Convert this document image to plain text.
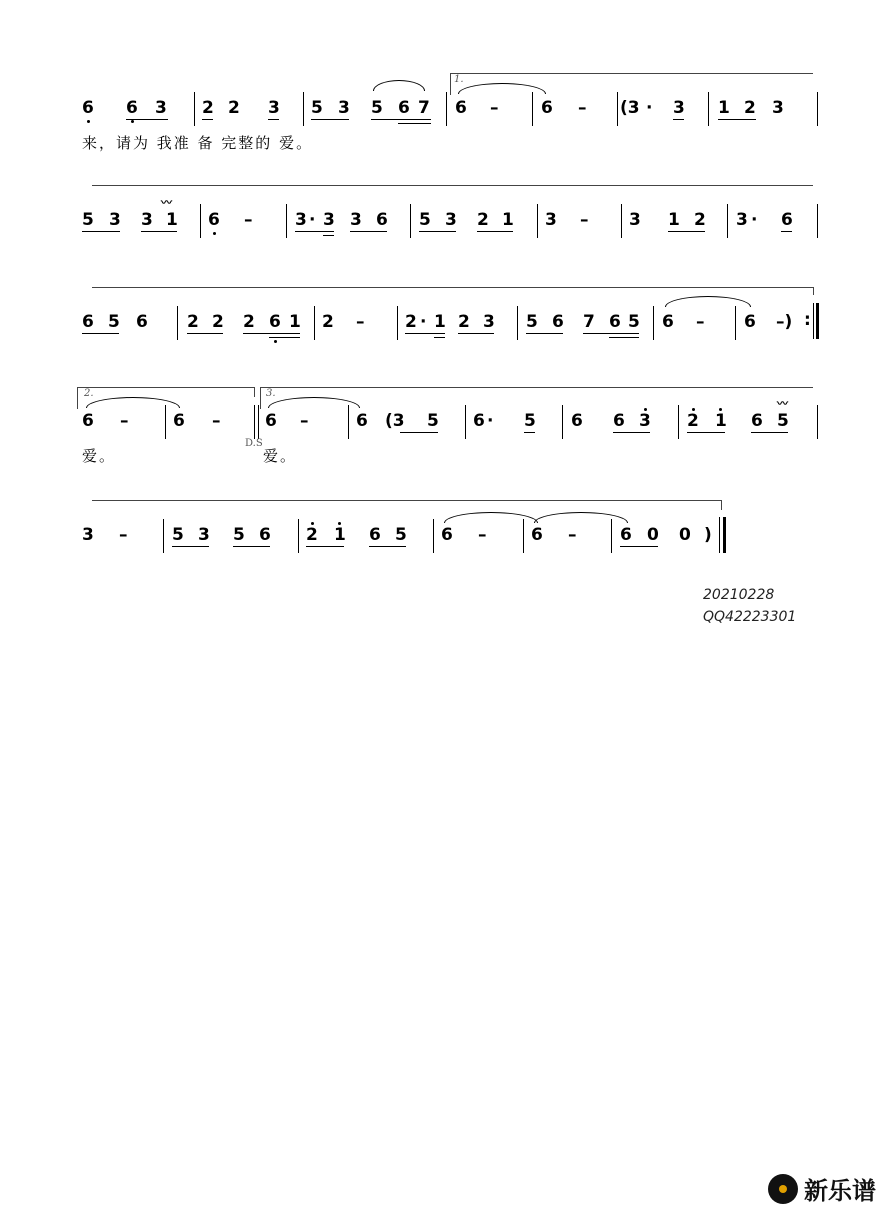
1.
6 6 3 2 2 3 5 3 5 6 7 6 –	6 – (3 · 3 1 2 3
来，请为 我准 备 完整的 爱。
〰
5 3 3 1 6 –	3 · 3 3 6 5 3 2 1 3 – 3 1 2 3 · 6
6 5 6 2 2 2 6 1 2 – 2 · 1 2 3 5 6 7 6 5 6 – 6 –) :
2.	3.
6 –	6 –
D.S
6 –	6 (3 5 6 · 5 6 6 3 2 1
〰
6 5
爱。	爱。
3 –	5 3 5 6 2 1 6 5 6 –	6 –	6 0 0 )
20210228
QQ42223301
新乐谱
